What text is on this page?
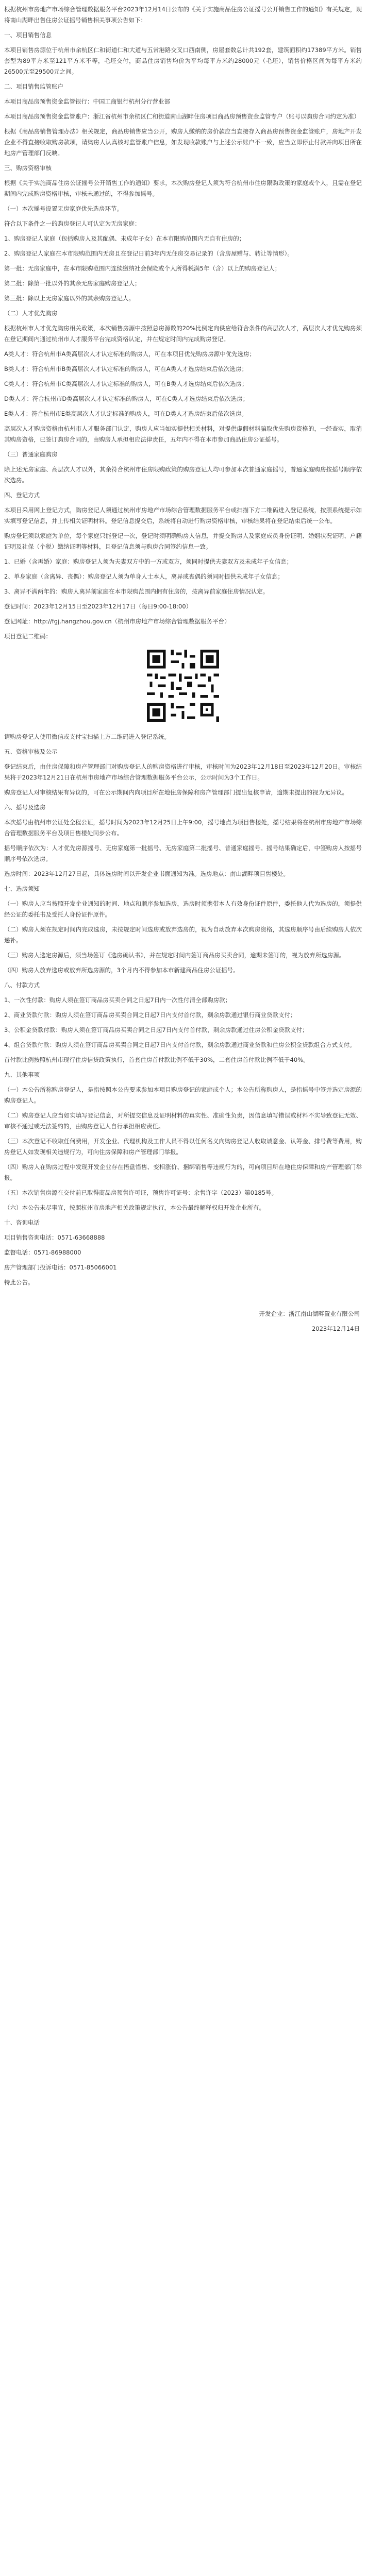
根据杭州市房地产市场综合管理数据服务平台2023年12月14日公布的《关于实施商品住房公证摇号公开销售工作的通知》有关规定，现将南山湖畔出售住房公证摇号销售相关事项公告如下：

一、项目销售信息

本项目销售房源位于杭州市余杭区仁和街道仁和大道与五常港路交叉口西南侧，房屋套数总计共192套，建筑面积约17389平方米。销售套型为89平方米至121平方米不等，毛坯交付，商品住房销售均价为平均每平方米约28000元（毛坯），销售价格区间为每平方米约26500元至29500元之间。

二、项目销售监管账户

本项目商品房预售资金监管银行：中国工商银行杭州分行营业部

本项目商品房预售资金监管账户：浙江省杭州市余杭区仁和街道南山湖畔住房项目商品房预售资金监管专户（账号以购房合同约定为准）

根据《商品房销售管理办法》相关规定，商品房销售应当公开，购房人缴纳的房价款应当直接存入商品房预售资金监管账户，房地产开发企业不得直接收取购房款项，请购房人认真核对监管账户信息，如发现收款账户与上述公示账户不一致，应当立即停止付款并向项目所在地房产管理部门反映。

三、购房资格审核

根据《关于实施商品住房公证摇号公开销售工作的通知》要求，本次购房登记人须为符合杭州市住房限购政策的家庭或个人，且需在登记期间内完成购房资格审核，审核未通过的，不得参加摇号。

（一）本次摇号设置无房家庭优先选房环节。

符合以下条件之一的购房登记人可认定为无房家庭：

1、购房登记人家庭（包括购房人及其配偶、未成年子女）在本市限购范围内无自有住房的；

2、购房登记人家庭在本市限购范围内无房且在登记日前3年内无住房交易记录的（含房屋赠与、转让等情形）。

第一批：无房家庭中，在本市限购范围内连续缴纳社会保险或个人所得税满5年（含）以上的购房登记人；

第二批：除第一批以外的其余无房家庭购房登记人；

第三批：除以上无房家庭以外的其余购房登记人。

（二）人才优先购房

根据杭州市人才优先购房相关政策，本次销售房源中按照总房源数的20%比例定向供应给符合条件的高层次人才，高层次人才优先购房须在登记期间内通过杭州市人才服务平台完成资格认定，并在规定时间内完成购房登记。

A类人才：符合杭州市A类高层次人才认定标准的购房人，可在本项目优先购房房源中优先选房；

B类人才：符合杭州市B类高层次人才认定标准的购房人，可在A类人才选房结束后依次选房；

C类人才：符合杭州市C类高层次人才认定标准的购房人，可在B类人才选房结束后依次选房；

D类人才：符合杭州市D类高层次人才认定标准的购房人，可在C类人才选房结束后依次选房；

E类人才：符合杭州市E类高层次人才认定标准的购房人，可在D类人才选房结束后依次选房。

高层次人才购房资格由杭州市人才服务部门认定，购房人应当如实提供相关材料，对提供虚假材料骗取优先购房资格的，一经查实，取消其购房资格，已签订购房合同的，由购房人承担相应法律责任，五年内不得在本市参加商品住房公证摇号。

（三）普通家庭购房

除上述无房家庭、高层次人才以外，其余符合杭州市住房限购政策的购房登记人均可参加本次普通家庭摇号，普通家庭购房按摇号顺序依次选房。

四、登记方式

本项目采用网上登记方式，购房登记人须通过杭州市房地产市场综合管理数据服务平台或扫描下方二维码进入登记系统，按照系统提示如实填写登记信息，并上传相关证明材料。登记信息提交后，系统将自动进行购房资格审核，审核结果将在登记结束后统一公布。

购房登记须以家庭为单位，每个家庭只能登记一次，登记时须明确购房人信息，并提交购房人及家庭成员身份证明、婚姻状况证明、户籍证明及社保（个税）缴纳证明等材料，且登记信息须与购房合同签约信息一致。

1、已婚（含再婚）家庭：购房登记人须为夫妻双方中的一方或双方，须同时提供夫妻双方及未成年子女信息；

2、单身家庭（含离异、丧偶）：购房登记人须为单身人士本人，离异或丧偶的须同时提供未成年子女信息；

3、离异不满两年的：购房人离异前家庭在本市限购范围内拥有住房的，按离异前家庭住房情况认定。

登记时间：2023年12月15日至2023年12月17日（每日9:00-18:00）

登记网址：http://fgj.hangzhou.gov.cn（杭州市房地产市场综合管理数据服务平台）

项目登记二维码：

请购房登记人使用微信或支付宝扫描上方二维码进入登记系统。

五、资格审核及公示

登记结束后，由住房保障和房产管理部门对购房登记人的购房资格进行审核，审核时间为2023年12月18日至2023年12月20日。审核结果将于2023年12月21日在杭州市房地产市场综合管理数据服务平台公示，公示时间为3个工作日。

购房登记人对审核结果有异议的，可在公示期间内向项目所在地住房保障和房产管理部门提出复核申请，逾期未提出的视为无异议。

六、摇号及选房

本次摇号由杭州市公证处全程公证，摇号时间为2023年12月25日上午9:00，摇号地点为项目售楼处，摇号结果将在杭州市房地产市场综合管理数据服务平台及项目售楼处同步公布。

摇号顺序依次为：人才优先房源摇号、无房家庭第一批摇号、无房家庭第二批摇号、普通家庭摇号。摇号结果确定后，中签购房人按摇号顺序号依次选房。

选房时间：2023年12月27日起，具体选房时间以开发企业书面通知为准。选房地点：南山湖畔项目售楼处。

七、选房须知

（一）购房人应当按照开发企业通知的时间、地点和顺序参加选房，选房时须携带本人有效身份证件原件，委托他人代为选房的，须提供经公证的委托书及受托人身份证件原件。

（二）购房人须在规定时间内完成选房，未按规定时间选房或放弃选房的，视为自动放弃本次购房资格，其选房顺序号由后续购房人依次递补。

（三）购房人选定房源后，须当场签订《选房确认书》，并在规定时间内签订商品房买卖合同，逾期未签订的，视为放弃所选房源。

（四）购房人放弃选房或放弃所选房源的，3个月内不得参加本市新建商品住房公证摇号。

八、付款方式

1、一次性付款：购房人须在签订商品房买卖合同之日起7日内一次性付清全部购房款；

2、商业贷款付款：购房人须在签订商品房买卖合同之日起7日内支付首付款，剩余房款通过银行商业贷款支付；

3、公积金贷款付款：购房人须在签订商品房买卖合同之日起7日内支付首付款，剩余房款通过住房公积金贷款支付；

4、组合贷款付款：购房人须在签订商品房买卖合同之日起7日内支付首付款，剩余房款通过商业贷款和住房公积金贷款组合方式支付。

首付款比例按照杭州市现行住房信贷政策执行，首套住房首付款比例不低于30%，二套住房首付款比例不低于40%。

九、其他事项

（一）本公告所称购房登记人，是指按照本公告要求参加本项目购房登记的家庭或个人；本公告所称购房人，是指摇号中签并选定房源的购房登记人。

（二）购房登记人应当如实填写登记信息，对所提交信息及证明材料的真实性、准确性负责，因信息填写错误或材料不实导致登记无效、审核不通过或无法签约的，由购房登记人自行承担相应责任。

（三）本次登记不收取任何费用，开发企业、代理机构及工作人员不得以任何名义向购房登记人收取诚意金、认筹金、排号费等费用，购房登记人如发现相关违规行为，可向住房保障和房产管理部门举报。

（四）购房人在购房过程中发现开发企业存在捂盘惜售、变相涨价、捆绑销售等违规行为的，可向项目所在地住房保障和房产管理部门举报。

（五）本次销售房源在交付前已取得商品房预售许可证，预售许可证号：余售许字（2023）第0185号。

（六）本公告未尽事宜，按照杭州市房地产相关政策规定执行，本公告最终解释权归开发企业所有。

十、咨询电话

项目销售咨询电话：0571-63668888

监督电话：0571-86988000

房产管理部门投诉电话：0571-85066001

特此公告。

开发企业：浙江南山湖畔置业有限公司

2023年12月14日
